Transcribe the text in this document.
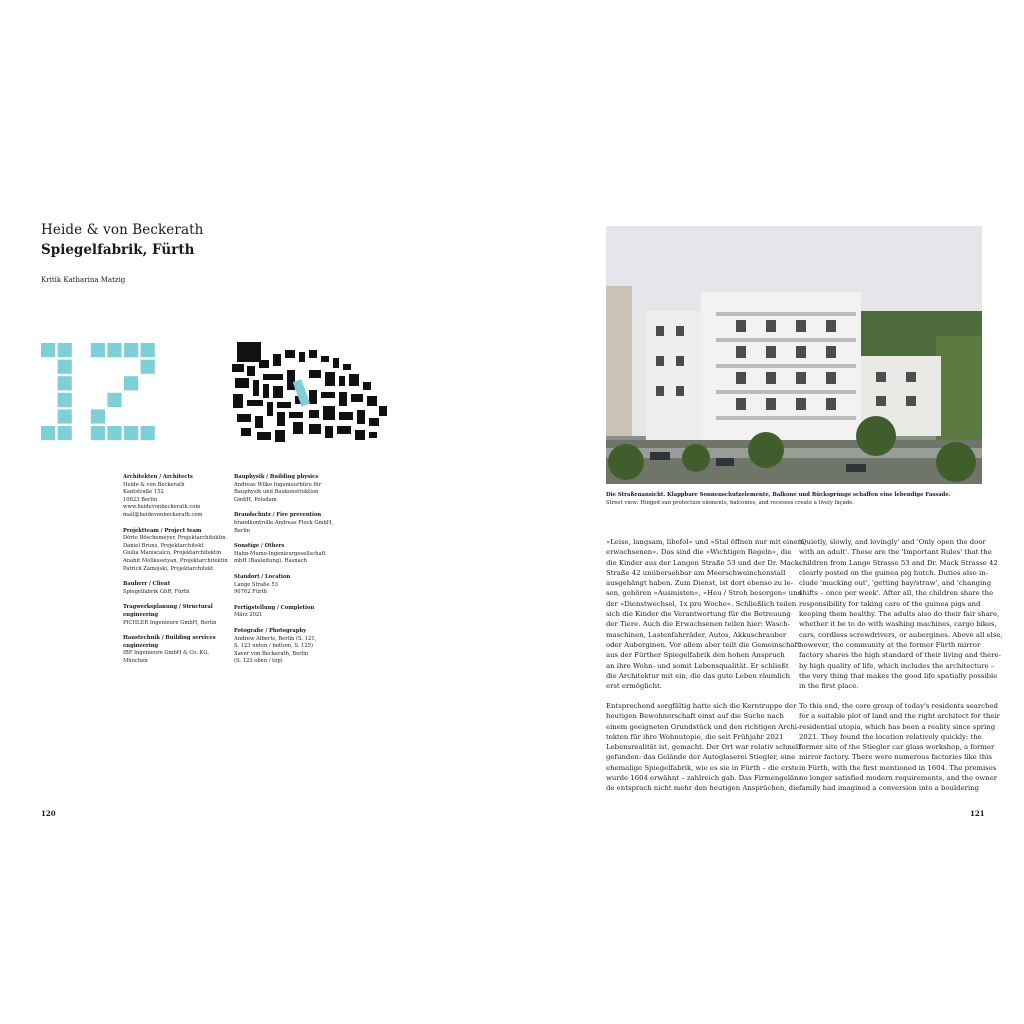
Heide & von Beckerath
Spiegelfabrik, Fürth
Kritik Katharina Matzig
Architekten / Architects
Heide & von Beckerath
Kantstraße 152
10623 Berlin
www.heidevonbeckerath.com
mail@heidevonbeckerath.com
Projektteam / Project team
Dörte Böschemeyer, Projektarchitektin
Daniel Bruns, Projektarchitekt
Giulia Maniscalco, Projektarchitektin
Anahit Melikssetyan, Projektarchitektin
Patrick Zamojski, Projektarchitekt
Bauherr / Client
Spiegelfabrik GbR, Fürth
Tragwerksplanung / Structural engineering
PICHLER Ingenieure GmbH, Berlin
Haustechnik / Building services engineering
IBP Ingenieure GmbH & Co. KG,
München
Bauphysik / Building physics
Andreas Wilke Ingenieurbüro für
Bauphysik und Baukonstruktion
GmbH, Potsdam
Brandschutz / Fire prevention
brandkontrolle Andreas Flock GmbH,
Berlin
Sonstige / Others
Hahn-Mumo-Ingenieurgesellschaft
mbH (Bauleitung), Rasnach
Standort / Location
Lange Straße 53
90762 Fürth
Fertigstellung / Completion
März 2021
Fotografie / Photography
Andrew Alberts, Berlin (S. 121,
S. 123 unten / bottom, S. 125)
Xaver von Beckerath, Berlin
(S. 123 oben / top)
120
Die Straßenansicht. Klappbare Sonnenschutzelemente, Balkone und Rücksprünge schaffen eine lebendige Fassade.
Street view: Hinged sun protection elements, balconies, and recesses create a lively façade.
»Leise, langsam, libefol« und »Stal öffnen nur mit einem
erwachsenen«. Das sind die »Wichtigen Regeln«, die
die Kinder aus der Langen Straße 53 und der Dr. Mack-
Straße 42 unübersehbar am Meerschweinchenstall
ausgehängt haben. Zum Dienst, ist dort ebenso zu le-
sen, gehören »Ausmisten«, »Heu / Stroh besorgen« und
der »Dienstwechsel, 1x pro Woche«. Schließlich teilen
sich die Kinder die Verantwortung für die Betreuung
der Tiere. Auch die Erwachsenen teilen hier: Wasch-
maschinen, Lastenfahrräder, Autos, Akkuschrauber
oder Auberginen. Vor allem aber teilt die Gemeinschaft
aus der Fürther Spiegelfabrik den hohen Anspruch
an ihre Wohn- und somit Lebensqualität. Er schließt
die Architektur mit ein, die das gute Leben räumlich
erst ermöglicht.
'Quietly, slowly, and lovingly' and 'Only open the door
with an adult'. These are the 'Important Rules' that the
children from Lange Strasse 53 and Dr. Mack Strasse 42
clearly posted on the guinea pig hutch. Duties also in-
clude 'mucking out', 'getting hay/straw', and 'changing
shifts – once per week'. After all, the children share the
responsibility for taking care of the guinea pigs and
keeping them healthy. The adults also do their fair share,
whether it be to do with washing machines, cargo bikes,
cars, cordless screwdrivers, or aubergines. Above all else,
however, the community at the former Fürth mirror
factory shares the high standard of their living and there-
by high quality of life, which includes the architecture –
the very thing that makes the good life spatially possible
in the first place.
Entsprechend sorgfältig hatte sich die Kerntruppe der
heutigen Bewohnerschaft einst auf die Suche nach
einem geeigneten Grundstück und den richtigen Archi-
tekten für ihre Wohnutopie, die seit Frühjahr 2021
Lebensrealität ist, gemacht. Der Ort war relativ schnell
gefunden: das Gelände der Autoglaserei Stiegler, eine
ehemalige Spiegelfabrik, wie es sie in Fürth – die erste
wurde 1604 erwähnt – zahlreich gab. Das Firmengelän-
de entsprach nicht mehr den heutigen Ansprüchen, die
To this end, the core group of today's residents searched
for a suitable plot of land and the right architect for their
residential utopia, which has been a reality since spring
2021. They found the location relatively quickly: the
former site of the Stiegler car glass workshop, a former
mirror factory. There were numerous factories like this
in Fürth, with the first mentioned in 1604. The premises
no longer satisfied modern requirements, and the owner
family had imagined a conversion into a bouldering
121
